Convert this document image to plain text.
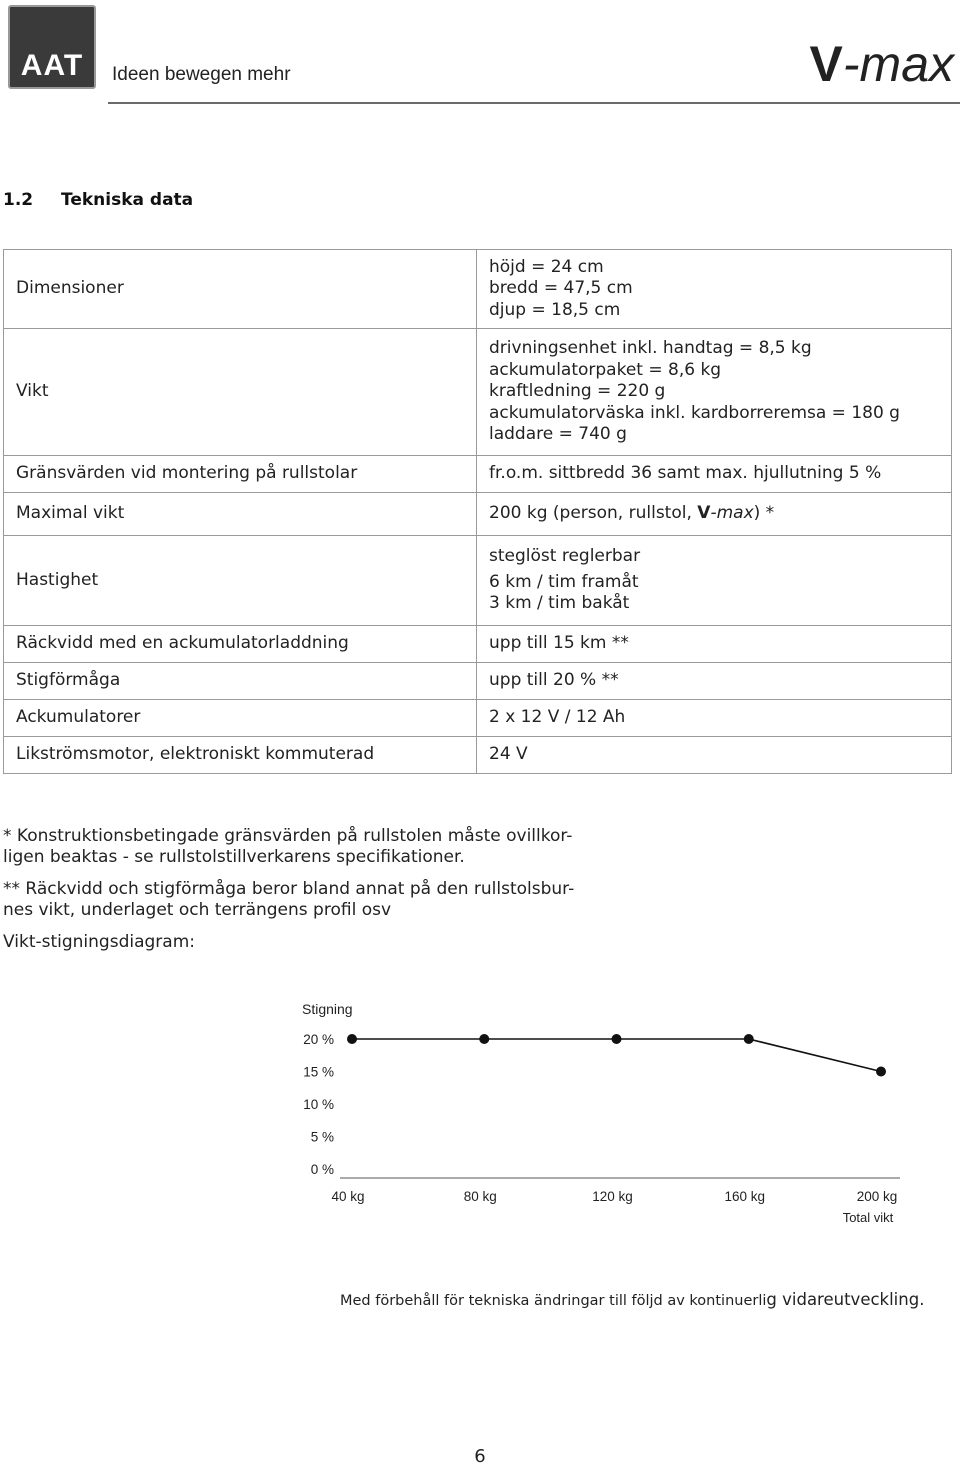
AAT	Ideen bewegen mehr	V-max
1.2 Tekniska data
Dimensioner	höjd = 24 cm
bredd = 47,5 cm
djup = 18,5 cm

Vikt	drivningsenhet inkl. handtag = 8,5 kg
ackumulatorpaket = 8,6 kg
kraftledning = 220 g
ackumulatorväska inkl. kardborreremsa = 180 g
laddare = 740 g

Gränsvärden vid montering på rullstolar	fr.o.m. sittbredd 36 samt max. hjullutning 5 %
Maximal vikt	200 kg (person, rullstol, V-max) *
Hastighet	steglöst reglerbar
6 km / tim framåt
3 km / tim bakåt

Räckvidd med en ackumulatorladdning	upp till 15 km **
Stigförmåga	upp till 20 % **
Ackumulatorer	2 x 12 V / 12 Ah
Likströmsmotor, elektroniskt kommuterad	24 V
* Konstruktionsbetingade gränsvärden på rullstolen måste ovillkor-
ligen beaktas - se rullstolstillverkarens specifikationer.
** Räckvidd och stigförmåga beror bland annat på den rullstolsbur-
nes vikt, underlaget och terrängens profil osv
Vikt-stigningsdiagram:
Stigning
0 %
5 %
10 %
15 %
20 %
40 kg	80 kg	120 kg	160 kg	200 kg
Total vikt
Med förbehåll för tekniska ändringar till följd av kontinuerlig vidareutveckling.
6
